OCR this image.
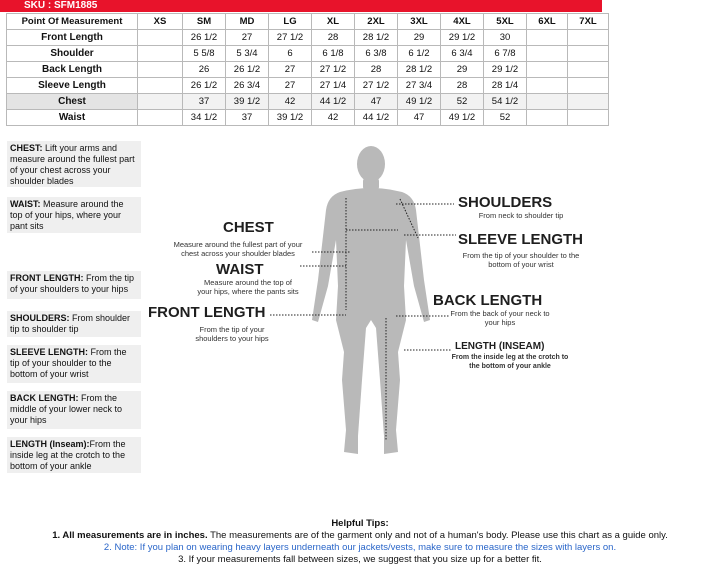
SKU : SFM1885
Point Of Measurement	XS	SM	MD	LG	XL	2XL	3XL	4XL	5XL	6XL	7XL
Front Length		26 1/2	27	27 1/2	28	28 1/2	29	29 1/2	30		
Shoulder		5 5/8	5 3/4	6	6 1/8	6 3/8	6 1/2	6 3/4	6 7/8		
Back Length		26	26 1/2	27	27 1/2	28	28 1/2	29	29 1/2		
Sleeve Length		26 1/2	26 3/4	27	27 1/4	27 1/2	27 3/4	28	28 1/4		
Chest		37	39 1/2	42	44 1/2	47	49 1/2	52	54 1/2		
Waist		34 1/2	37	39 1/2	42	44 1/2	47	49 1/2	52		
CHEST: Lift your arms and measure around the fullest part of your chest across your shoulder blades
WAIST: Measure around the top of your hips, where your pant sits
FRONT LENGTH: From the tip of your shoulders to your hips
SHOULDERS: From shoulder tip to shoulder tip
SLEEVE LENGTH: From the tip of your shoulder to the bottom of your wrist
BACK LENGTH: From the middle of your lower neck to your hips
LENGTH (Inseam):From the inside leg at the crotch to the bottom of your ankle
CHEST
Measure around the fullest part of your chest across your shoulder blades
WAIST
Measure around the top of your hips, where the pants sits
FRONT LENGTH
From the tip of your shoulders to your hips
SHOULDERS
From neck to shoulder tip
SLEEVE LENGTH
From the tip of your shoulder to the bottom of your wrist
BACK LENGTH
From the back of your neck to your hips
LENGTH (INSEAM)
From the inside leg at the crotch to the bottom of your ankle
Helpful Tips:
1. All measurements are in inches. The measurements are of the garment only and not of a human's body. Please use this chart as a guide only.
2. Note: If you plan on wearing heavy layers underneath our jackets/vests, make sure to measure the sizes with layers on.
3. If your measurements fall between sizes, we suggest that you size up for a better fit.
